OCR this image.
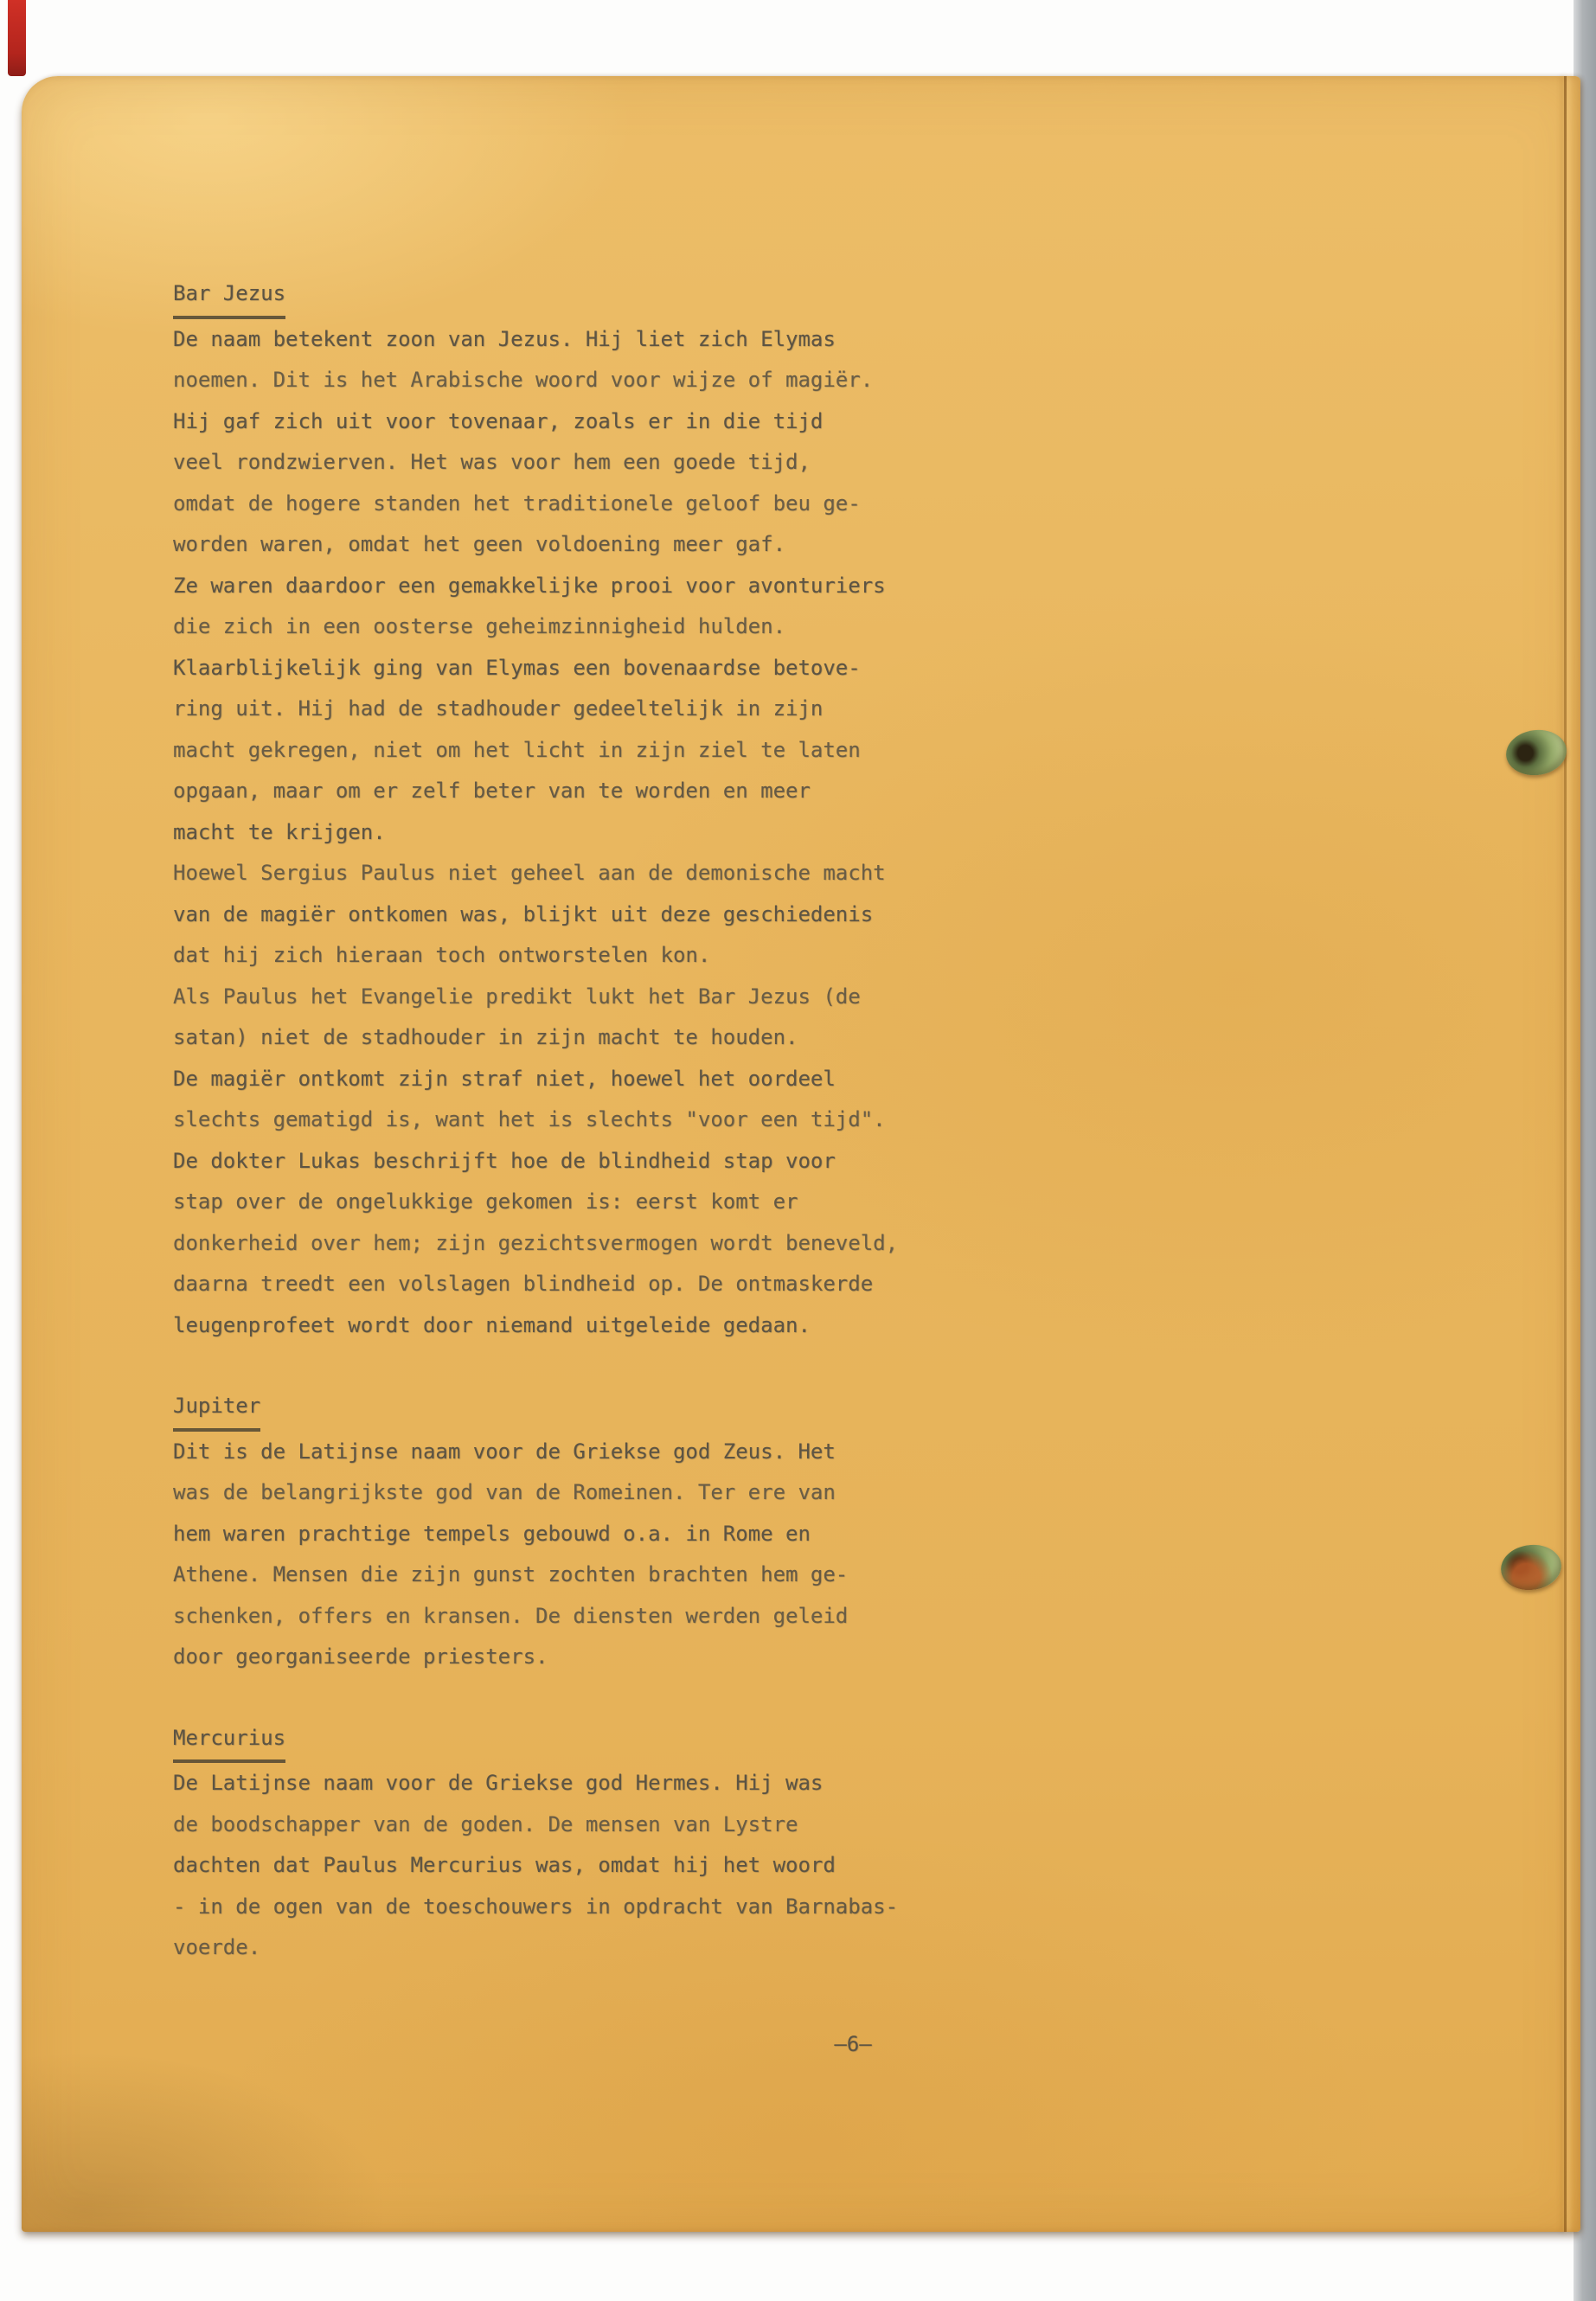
Bar Jezus
De naam betekent zoon van Jezus. Hij liet zich Elymas
noemen. Dit is het Arabische woord voor wijze of magiër.
Hij gaf zich uit voor tovenaar, zoals er in die tijd
veel rondzwierven. Het was voor hem een goede tijd,
omdat de hogere standen het traditionele geloof beu ge-
worden waren, omdat het geen voldoening meer gaf.
Ze waren daardoor een gemakkelijke prooi voor avonturiers
die zich in een oosterse geheimzinnigheid hulden.
Klaarblijkelijk ging van Elymas een bovenaardse betove-
ring uit. Hij had de stadhouder gedeeltelijk in zijn
macht gekregen, niet om het licht in zijn ziel te laten
opgaan, maar om er zelf beter van te worden en meer
macht te krijgen.
Hoewel Sergius Paulus niet geheel aan de demonische macht
van de magiër ontkomen was, blijkt uit deze geschiedenis
dat hij zich hieraan toch ontworstelen kon.
Als Paulus het Evangelie predikt lukt het Bar Jezus (de
satan) niet de stadhouder in zijn macht te houden.
De magiër ontkomt zijn straf niet, hoewel het oordeel
slechts gematigd is, want het is slechts "voor een tijd".
De dokter Lukas beschrijft hoe de blindheid stap voor
stap over de ongelukkige gekomen is: eerst komt er
donkerheid over hem; zijn gezichtsvermogen wordt beneveld,
daarna treedt een volslagen blindheid op. De ontmaskerde
leugenprofeet wordt door niemand uitgeleide gedaan.
Jupiter
Dit is de Latijnse naam voor de Griekse god Zeus. Het
was de belangrijkste god van de Romeinen. Ter ere van
hem waren prachtige tempels gebouwd o.a. in Rome en
Athene. Mensen die zijn gunst zochten brachten hem ge-
schenken, offers en kransen. De diensten werden geleid
door georganiseerde priesters.
Mercurius
De Latijnse naam voor de Griekse god Hermes. Hij was
de boodschapper van de goden. De mensen van Lystre
dachten dat Paulus Mercurius was, omdat hij het woord
- in de ogen van de toeschouwers in opdracht van Barnabas-
voerde.
–6–
